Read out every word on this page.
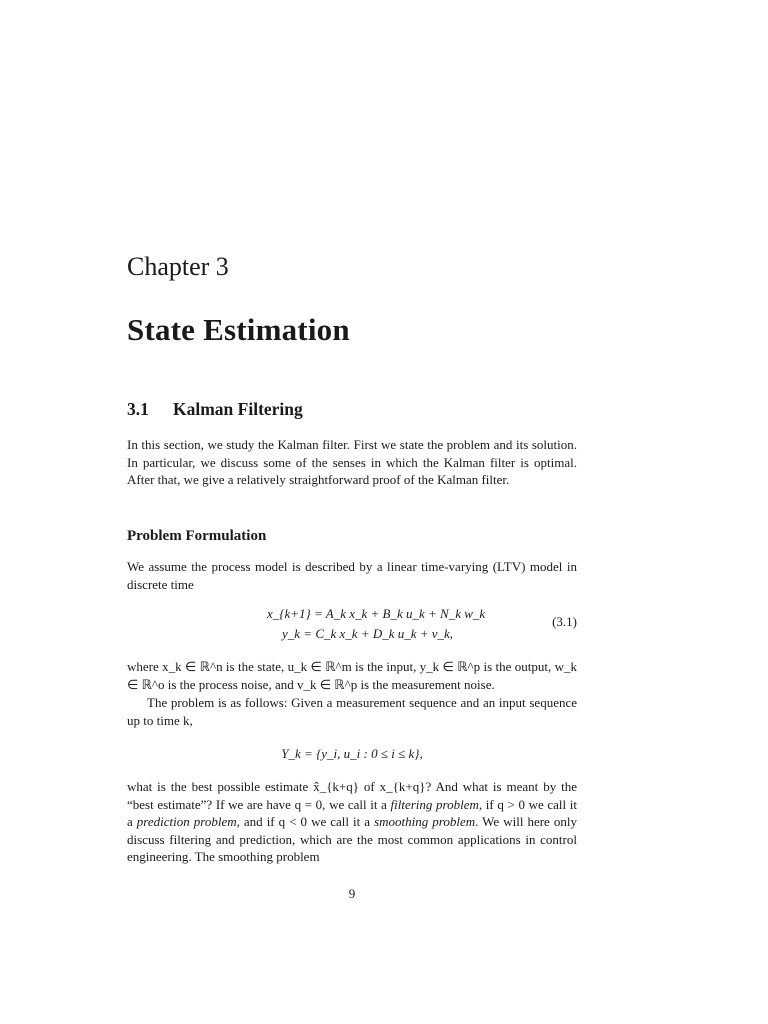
Chapter 3
State Estimation
3.1 Kalman Filtering

In this section, we study the Kalman filter. First we state the problem and its solution. In particular, we discuss some of the senses in which the Kalman filter is optimal. After that, we give a relatively straightforward proof of the Kalman filter.

Problem Formulation

We assume the process model is described by a linear time-varying (LTV) model in discrete time

x_{k+1} = A_k x_k + B_k u_k + N_k w_k
y_k = C_k x_k + D_k u_k + v_k,
(3.1)

where x_k ∈ ℝ^n is the state, u_k ∈ ℝ^m is the input, y_k ∈ ℝ^p is the output, w_k ∈ ℝ^o is the process noise, and v_k ∈ ℝ^p is the measurement noise.

The problem is as follows: Given a measurement sequence and an input sequence up to time k,

Y_k = {y_i, u_i : 0 ≤ i ≤ k},

what is the best possible estimate x̂_{k+q} of x_{k+q}? And what is meant by the “best estimate”? If we are have q = 0, we call it a filtering problem, if q > 0 we call it a prediction problem, and if q < 0 we call it a smoothing problem. We will here only discuss filtering and prediction, which are the most common applications in control engineering. The smoothing problem

9
